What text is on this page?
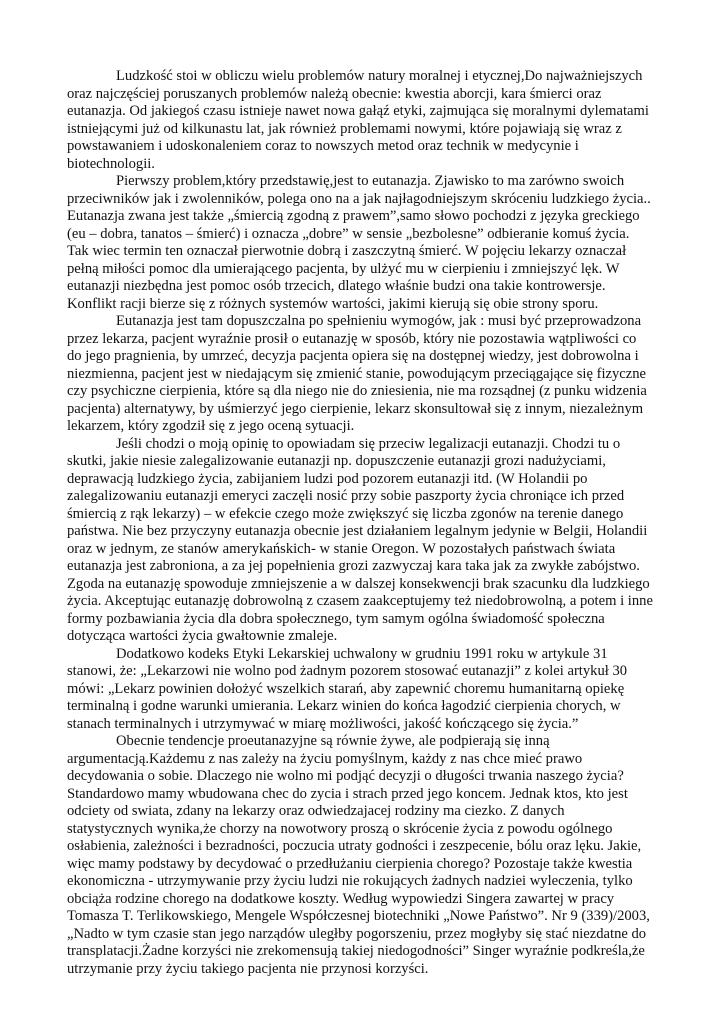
Ludzkość stoi w obliczu wielu problemów natury moralnej i etycznej,Do najważniejszych
oraz najczęściej poruszanych problemów należą obecnie: kwestia aborcji, kara śmierci oraz
eutanazja. Od jakiegoś czasu istnieje nawet nowa gałąź etyki, zajmująca się moralnymi dylematami
istniejącymi już od kilkunastu lat, jak również problemami nowymi, które pojawiają się wraz z
powstawaniem i udoskonaleniem coraz to nowszych metod oraz technik w medycynie i
biotechnologii.

Pierwszy problem,który przedstawię,jest to eutanazja. Zjawisko to ma zarówno swoich
przeciwników jak i zwolenników, polega ono na a jak najłagodniejszym skróceniu ludzkiego życia..
Eutanazja zwana jest także „śmiercią zgodną z prawem”,samo słowo pochodzi z języka greckiego
(eu – dobra, tanatos – śmierć) i oznacza „dobre” w sensie „bezbolesne” odbieranie komuś życia.
Tak wiec termin ten oznaczał pierwotnie dobrą i zaszczytną śmierć. W pojęciu lekarzy oznaczał
pełną miłości pomoc dla umierającego pacjenta, by ulżyć mu w cierpieniu i zmniejszyć lęk. W
eutanazji niezbędna jest pomoc osób trzecich, dlatego właśnie budzi ona takie kontrowersje.
Konflikt racji bierze się z różnych systemów wartości, jakimi kierują się obie strony sporu.

Eutanazja jest tam dopuszczalna po spełnieniu wymogów, jak : musi być przeprowadzona
przez lekarza, pacjent wyraźnie prosił o eutanazję w sposób, który nie pozostawia wątpliwości co
do jego pragnienia, by umrzeć, decyzja pacjenta opiera się na dostępnej wiedzy, jest dobrowolna i
niezmienna, pacjent jest w niedającym się zmienić stanie, powodującym przeciągające się fizyczne
czy psychiczne cierpienia, które są dla niego nie do zniesienia, nie ma rozsądnej (z punku widzenia
pacjenta) alternatywy, by uśmierzyć jego cierpienie, lekarz skonsultował się z innym, niezależnym
lekarzem, który zgodził się z jego oceną sytuacji.

Jeśli chodzi o moją opinię to opowiadam się przeciw legalizacji eutanazji. Chodzi tu o
skutki, jakie niesie zalegalizowanie eutanazji np. dopuszczenie eutanazji grozi nadużyciami,
deprawacją ludzkiego życia, zabijaniem ludzi pod pozorem eutanazji itd. (W Holandii po
zalegalizowaniu eutanazji emeryci zaczęli nosić przy sobie paszporty życia chroniące ich przed
śmiercią z rąk lekarzy) – w efekcie czego może zwiększyć się liczba zgonów na terenie danego
państwa. Nie bez przyczyny eutanazja obecnie jest działaniem legalnym jedynie w Belgii, Holandii
oraz w jednym, ze stanów amerykańskich- w stanie Oregon. W pozostałych państwach świata
eutanazja jest zabroniona, a za jej popełnienia grozi zazwyczaj kara taka jak za zwykłe zabójstwo.
Zgoda na eutanazję spowoduje zmniejszenie a w dalszej konsekwencji brak szacunku dla ludzkiego
życia. Akceptując eutanazję dobrowolną z czasem zaakceptujemy też niedobrowolną, a potem i inne
formy pozbawiania życia dla dobra społecznego, tym samym ogólna świadomość społeczna
dotycząca wartości życia gwałtownie zmaleje.

Dodatkowo kodeks Etyki Lekarskiej uchwalony w grudniu 1991 roku w artykule 31
stanowi, że: „Lekarzowi nie wolno pod żadnym pozorem stosować eutanazji” z kolei artykuł 30
mówi: „Lekarz powinien dołożyć wszelkich starań, aby zapewnić choremu humanitarną opiekę
terminalną i godne warunki umierania. Lekarz winien do końca łagodzić cierpienia chorych, w
stanach terminalnych i utrzymywać w miarę możliwości, jakość kończącego się życia.”

Obecnie tendencje proeutanazyjne są równie żywe, ale podpierają się inną
argumentacją.Każdemu z nas zależy na życiu pomyślnym, każdy z nas chce mieć prawo
decydowania o sobie. Dlaczego nie wolno mi podjąć decyzji o długości trwania naszego życia?
Standardowo mamy wbudowana chec do zycia i strach przed jego koncem. Jednak ktos, kto jest
odciety od swiata, zdany na lekarzy oraz odwiedzajacej rodziny ma ciezko. Z danych
statystycznych wynika,że chorzy na nowotwory proszą o skrócenie życia z powodu ogólnego
osłabienia, zależności i bezradności, poczucia utraty godności i zeszpecenie, bólu oraz lęku. Jakie,
więc mamy podstawy by decydować o przedłużaniu cierpienia chorego? Pozostaje także kwestia
ekonomiczna - utrzymywanie przy życiu ludzi nie rokujących żadnych nadziei wyleczenia, tylko
obciąża rodzine chorego na dodatkowe koszty. Według wypowiedzi Singera zawartej w pracy
Tomasza T. Terlikowskiego, Mengele Współczesnej biotechniki „Nowe Państwo”. Nr 9 (339)/2003,
„Nadto w tym czasie stan jego narządów uległby pogorszeniu, przez mogłyby się stać niezdatne do
transplatacji.Żadne korzyści nie zrekomensują takiej niedogodności” Singer wyraźnie podkreśla,że
utrzymanie przy życiu takiego pacjenta nie przynosi korzyści.
